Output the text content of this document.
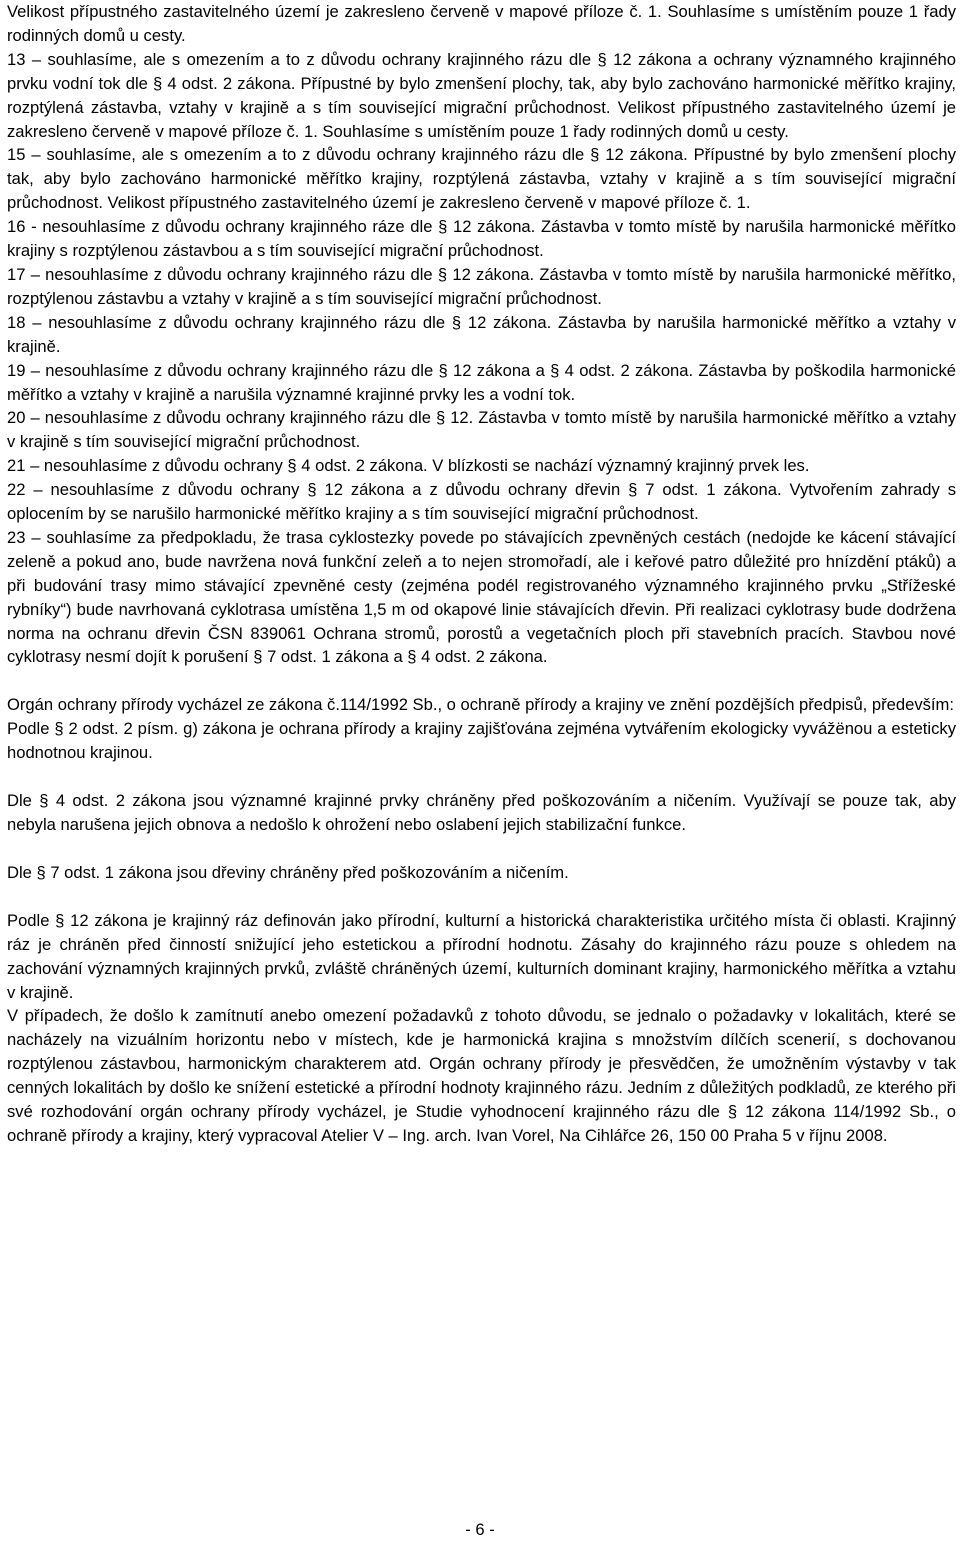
Velikost přípustného zastavitelného území je zakresleno červeně v mapové příloze č. 1. Souhlasíme s umístěním pouze 1 řady rodinných domů u cesty.

13 – souhlasíme, ale s omezením a to z důvodu ochrany krajinného rázu dle § 12 zákona a ochrany významného krajinného prvku vodní tok dle § 4 odst. 2 zákona. Přípustné by bylo zmenšení plochy, tak, aby bylo zachováno harmonické měřítko krajiny, rozptýlená zástavba, vztahy v krajině a s tím související migrační průchodnost. Velikost přípustného zastavitelného území je zakresleno červeně v mapové příloze č. 1. Souhlasíme s umístěním pouze 1 řady rodinných domů u cesty.

15 – souhlasíme, ale s omezením a to z důvodu ochrany krajinného rázu dle § 12 zákona. Přípustné by bylo zmenšení plochy tak, aby bylo zachováno harmonické měřítko krajiny, rozptýlená zástavba, vztahy v krajině a s tím související migrační průchodnost. Velikost přípustného zastavitelného území je zakresleno červeně v mapové příloze č. 1.

16 - nesouhlasíme z důvodu ochrany krajinného ráze dle § 12 zákona. Zástavba v tomto místě by narušila harmonické měřítko krajiny s rozptýlenou zástavbou a s tím související migrační průchodnost.

17 – nesouhlasíme z důvodu ochrany krajinného rázu dle § 12 zákona. Zástavba v tomto místě by narušila harmonické měřítko, rozptýlenou zástavbu a vztahy v krajině a s tím související migrační průchodnost.

18 – nesouhlasíme z důvodu ochrany krajinného rázu dle § 12 zákona. Zástavba by narušila harmonické měřítko a vztahy v krajině.

19 – nesouhlasíme z důvodu ochrany krajinného rázu dle § 12 zákona a § 4 odst. 2 zákona. Zástavba by poškodila harmonické měřítko a vztahy v krajině a narušila významné krajinné prvky les a vodní tok.

20 – nesouhlasíme z důvodu ochrany krajinného rázu dle § 12. Zástavba v tomto místě by narušila harmonické měřítko a vztahy v krajině s tím související migrační průchodnost.

21 – nesouhlasíme z důvodu ochrany § 4 odst. 2 zákona. V blízkosti se nachází významný krajinný prvek les.

22 – nesouhlasíme z důvodu ochrany § 12 zákona a z důvodu ochrany dřevin § 7 odst. 1 zákona. Vytvořením zahrady s oplocením by se narušilo harmonické měřítko krajiny a s tím související migrační průchodnost.

23 – souhlasíme za předpokladu, že trasa cyklostezky povede po stávajících zpevněných cestách (nedojde ke kácení stávající zeleně a pokud ano, bude navržena nová funkční zeleň a to nejen stromořadí, ale i keřové patro důležité pro hnízdění ptáků) a při budování trasy mimo stávající zpevněné cesty (zejména podél registrovaného významného krajinného prvku „Střížeské rybníky“) bude navrhovaná cyklotrasa umístěna 1,5 m od okapové linie stávajících dřevin. Při realizaci cyklotrasy bude dodržena norma na ochranu dřevin ČSN 839061 Ochrana stromů, porostů a vegetačních ploch při stavebních pracích. Stavbou nové cyklotrasy nesmí dojít k porušení § 7 odst. 1 zákona a § 4 odst. 2 zákona.

Orgán ochrany přírody vycházel ze zákona č.114/1992 Sb., o ochraně přírody a krajiny ve znění pozdějších předpisů, především:

Podle § 2 odst. 2 písm. g) zákona je ochrana přírody a krajiny zajišťována zejména vytvářením ekologicky vyvážёnou a esteticky hodnotnou krajinou.

Dle § 4 odst. 2 zákona jsou významné krajinné prvky chráněny před poškozováním a ničením. Využívají se pouze tak, aby nebyla narušena jejich obnova a nedošlo k ohrožení nebo oslabení jejich stabilizační funkce.

Dle § 7 odst. 1 zákona jsou dřeviny chráněny před poškozováním a ničením.

Podle § 12 zákona je krajinný ráz definován jako přírodní, kulturní a historická charakteristika určitého místa či oblasti. Krajinný ráz je chráněn před činností snižující jeho estetickou a přírodní hodnotu. Zásahy do krajinného rázu pouze s ohledem na zachování významných krajinných prvků, zvláště chráněných území, kulturních dominant krajiny, harmonického měřítka a vztahu v krajině.

V případech, že došlo k zamítnutí anebo omezení požadavků z tohoto důvodu, se jednalo o požadavky v lokalitách, které se nacházely na vizuálním horizontu nebo v místech, kde je harmonická krajina s množstvím dílčích scenerií, s dochovanou rozptýlenou zástavbou, harmonickým charakterem atd. Orgán ochrany přírody je přesvědčen, že umožněním výstavby v tak cenných lokalitách by došlo ke snížení estetické a přírodní hodnoty krajinného rázu. Jedním z důležitých podkladů, ze kterého při své rozhodování orgán ochrany přírody vycházel, je Studie vyhodnocení krajinného rázu dle § 12 zákona 114/1992 Sb., o ochraně přírody a krajiny, který vypracoval Atelier V – Ing. arch. Ivan Vorel, Na Cihlářce 26, 150 00 Praha 5 v říjnu 2008.

- 6 -
